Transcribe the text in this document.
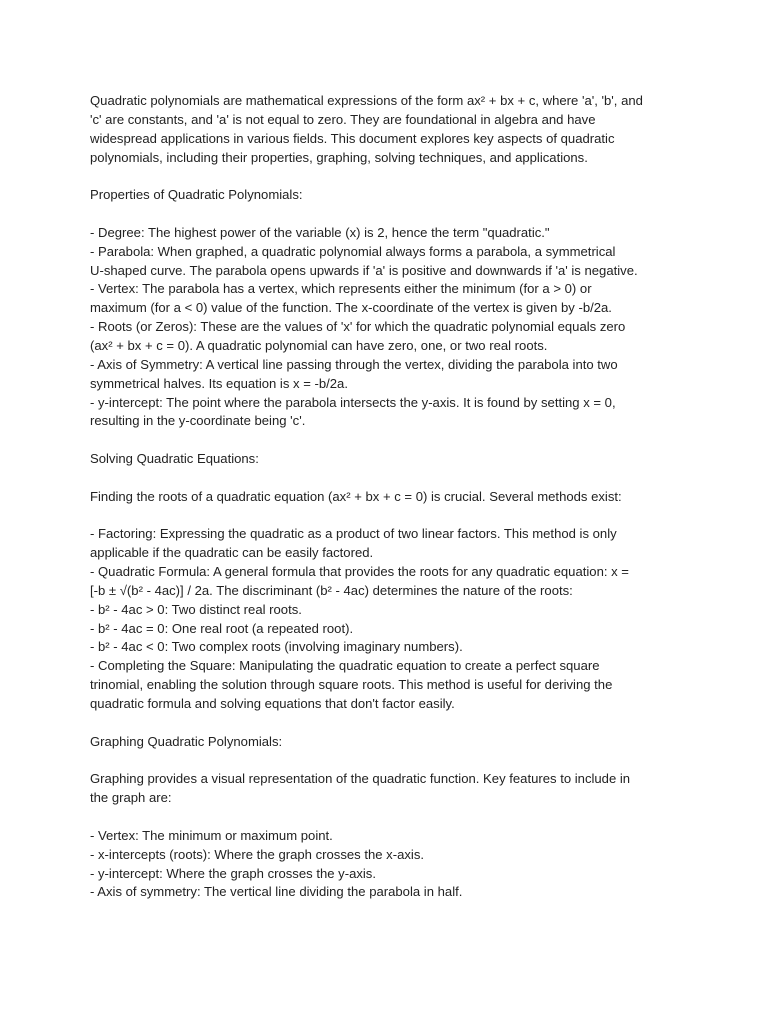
Quadratic polynomials are mathematical expressions of the form ax² + bx + c, where 'a', 'b', and
'c' are constants, and 'a' is not equal to zero. They are foundational in algebra and have
widespread applications in various fields. This document explores key aspects of quadratic
polynomials, including their properties, graphing, solving techniques, and applications.
Properties of Quadratic Polynomials:
- Degree: The highest power of the variable (x) is 2, hence the term "quadratic."
- Parabola: When graphed, a quadratic polynomial always forms a parabola, a symmetrical
U-shaped curve. The parabola opens upwards if 'a' is positive and downwards if 'a' is negative.
- Vertex: The parabola has a vertex, which represents either the minimum (for a > 0) or
maximum (for a < 0) value of the function. The x-coordinate of the vertex is given by -b/2a.
- Roots (or Zeros): These are the values of 'x' for which the quadratic polynomial equals zero
(ax² + bx + c = 0). A quadratic polynomial can have zero, one, or two real roots.
- Axis of Symmetry: A vertical line passing through the vertex, dividing the parabola into two
symmetrical halves. Its equation is x = -b/2a.
- y-intercept: The point where the parabola intersects the y-axis. It is found by setting x = 0,
resulting in the y-coordinate being 'c'.
Solving Quadratic Equations:
Finding the roots of a quadratic equation (ax² + bx + c = 0) is crucial. Several methods exist:
- Factoring: Expressing the quadratic as a product of two linear factors. This method is only
applicable if the quadratic can be easily factored.
- Quadratic Formula: A general formula that provides the roots for any quadratic equation: x =
[-b ± √(b² - 4ac)] / 2a. The discriminant (b² - 4ac) determines the nature of the roots:
- b² - 4ac > 0: Two distinct real roots.
- b² - 4ac = 0: One real root (a repeated root).
- b² - 4ac < 0: Two complex roots (involving imaginary numbers).
- Completing the Square: Manipulating the quadratic equation to create a perfect square
trinomial, enabling the solution through square roots. This method is useful for deriving the
quadratic formula and solving equations that don't factor easily.
Graphing Quadratic Polynomials:
Graphing provides a visual representation of the quadratic function. Key features to include in
the graph are:
- Vertex: The minimum or maximum point.
- x-intercepts (roots): Where the graph crosses the x-axis.
- y-intercept: Where the graph crosses the y-axis.
- Axis of symmetry: The vertical line dividing the parabola in half.
